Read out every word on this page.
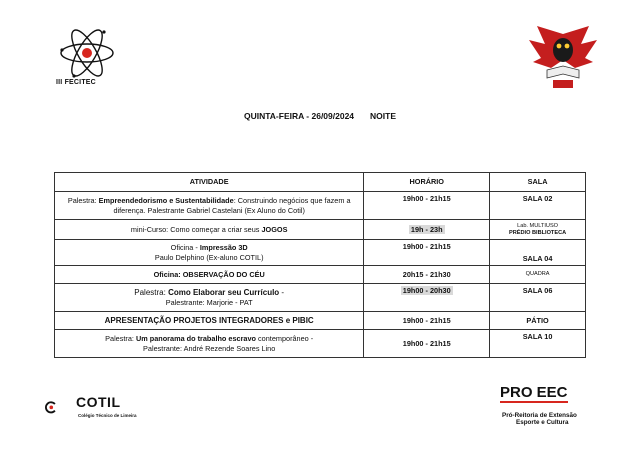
III FECITEC
QUINTA-FEIRA - 26/09/2024 NOITE
ATIVIDADE	HORÁRIO	SALA
Palestra: Empreendedorismo e Sustentabilidade: Construindo negócios que fazem a diferença. Palestrante Gabriel Castelani (Ex Aluno do Cotil)	19h00 - 21h15	SALA 02
mini-Curso: Como começar a criar seus JOGOS	19h - 23h	Lab. MULTIUSO
PRÉDIO BIBLIOTECA

Oficina - Impressão 3D
Paulo Delphino (Ex-aluno COTIL)	19h00 - 21h15	SALA 04
Oficina: OBSERVAÇÃO DO CÉU	20h15 - 21h30	QUADRA

Palestra: Como Elaborar seu Currículo -
Palestrante: Marjorie - PAT	19h00 - 20h30	SALA 06
APRESENTAÇÃO PROJETOS INTEGRADORES e PIBIC	19h00 - 21h15	PÁTIO

Palestra: Um panorama do trabalho escravo contemporâneo -
Palestrante: André Rezende Soares Lino	19h00 - 21h15	SALA 10
COTIL
Colégio Técnico de Limeira
PRO EEC
Pró-Reitoria de Extensão
Esporte e Cultura
